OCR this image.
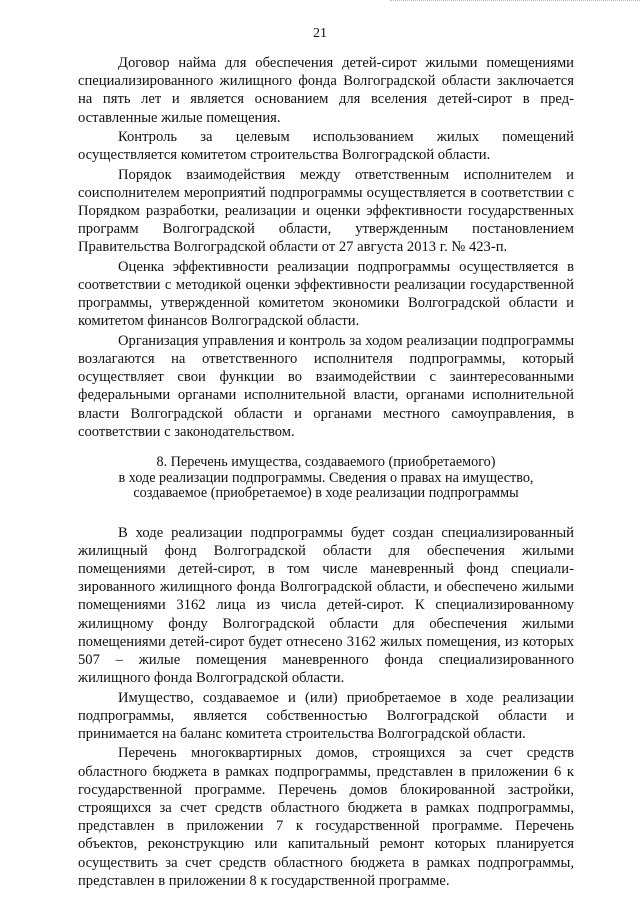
21

Договор найма для обеспечения детей-сирот жилыми помещениями специализированного жилищного фонда Волгоградской области заключается на пять лет и является основанием для вселения детей-сирот в предоставленные жилые помещения.

Контроль за целевым использованием жилых помещений осуществляется комитетом строительства Волгоградской области.

Порядок взаимодействия между ответственным исполнителем и соисполнителем мероприятий подпрограммы осуществляется в соответствии с Порядком разработки, реализации и оценки эффективности государственных программ Волгоградской области, утвержденным постановлением Правительства Волгоградской области от 27 августа 2013 г. № 423-п.

Оценка эффективности реализации подпрограммы осуществляется в соответствии с методикой оценки эффективности реализации государственной программы, утвержденной комитетом экономики Волгоградской области и комитетом финансов Волгоградской области.

Организация управления и контроль за ходом реализации подпрограммы возлагаются на ответственного исполнителя подпрограммы, который осуществляет свои функции во взаимодействии с заинтересованными федеральными органами исполнительной власти, органами исполнительной власти Волгоградской области и органами местного самоуправления, в соответствии с законодательством.

8. Перечень имущества, создаваемого (приобретаемого)
в ходе реализации подпрограммы. Сведения о правах на имущество,
создаваемое (приобретаемое) в ходе реализации подпрограммы

В ходе реализации подпрограммы будет создан специализированный жилищный фонд Волгоградской области для обеспечения жилыми помещениями детей-сирот, в том числе маневренный фонд специализированного жилищного фонда Волгоградской области, и обеспечено жилыми помещениями 3162 лица из числа детей-сирот. К специализированному жилищному фонду Волгоградской области для обеспечения жилыми помещениями детей-сирот будет отнесено 3162 жилых помещения, из которых 507 – жилые помещения маневренного фонда специализированного жилищного фонда Волгоградской области.

Имущество, создаваемое и (или) приобретаемое в ходе реализации подпрограммы, является собственностью Волгоградской области и принимается на баланс комитета строительства Волгоградской области.

Перечень многоквартирных домов, строящихся за счет средств областного бюджета в рамках подпрограммы, представлен в приложении 6 к государственной программе. Перечень домов блокированной застройки, строящихся за счет средств областного бюджета в рамках подпрограммы, представлен в приложении 7 к государственной программе. Перечень объектов, реконструкцию или капитальный ремонт которых планируется осуществить за счет средств областного бюджета в рамках подпрограммы, представлен в приложении 8 к государственной программе.
